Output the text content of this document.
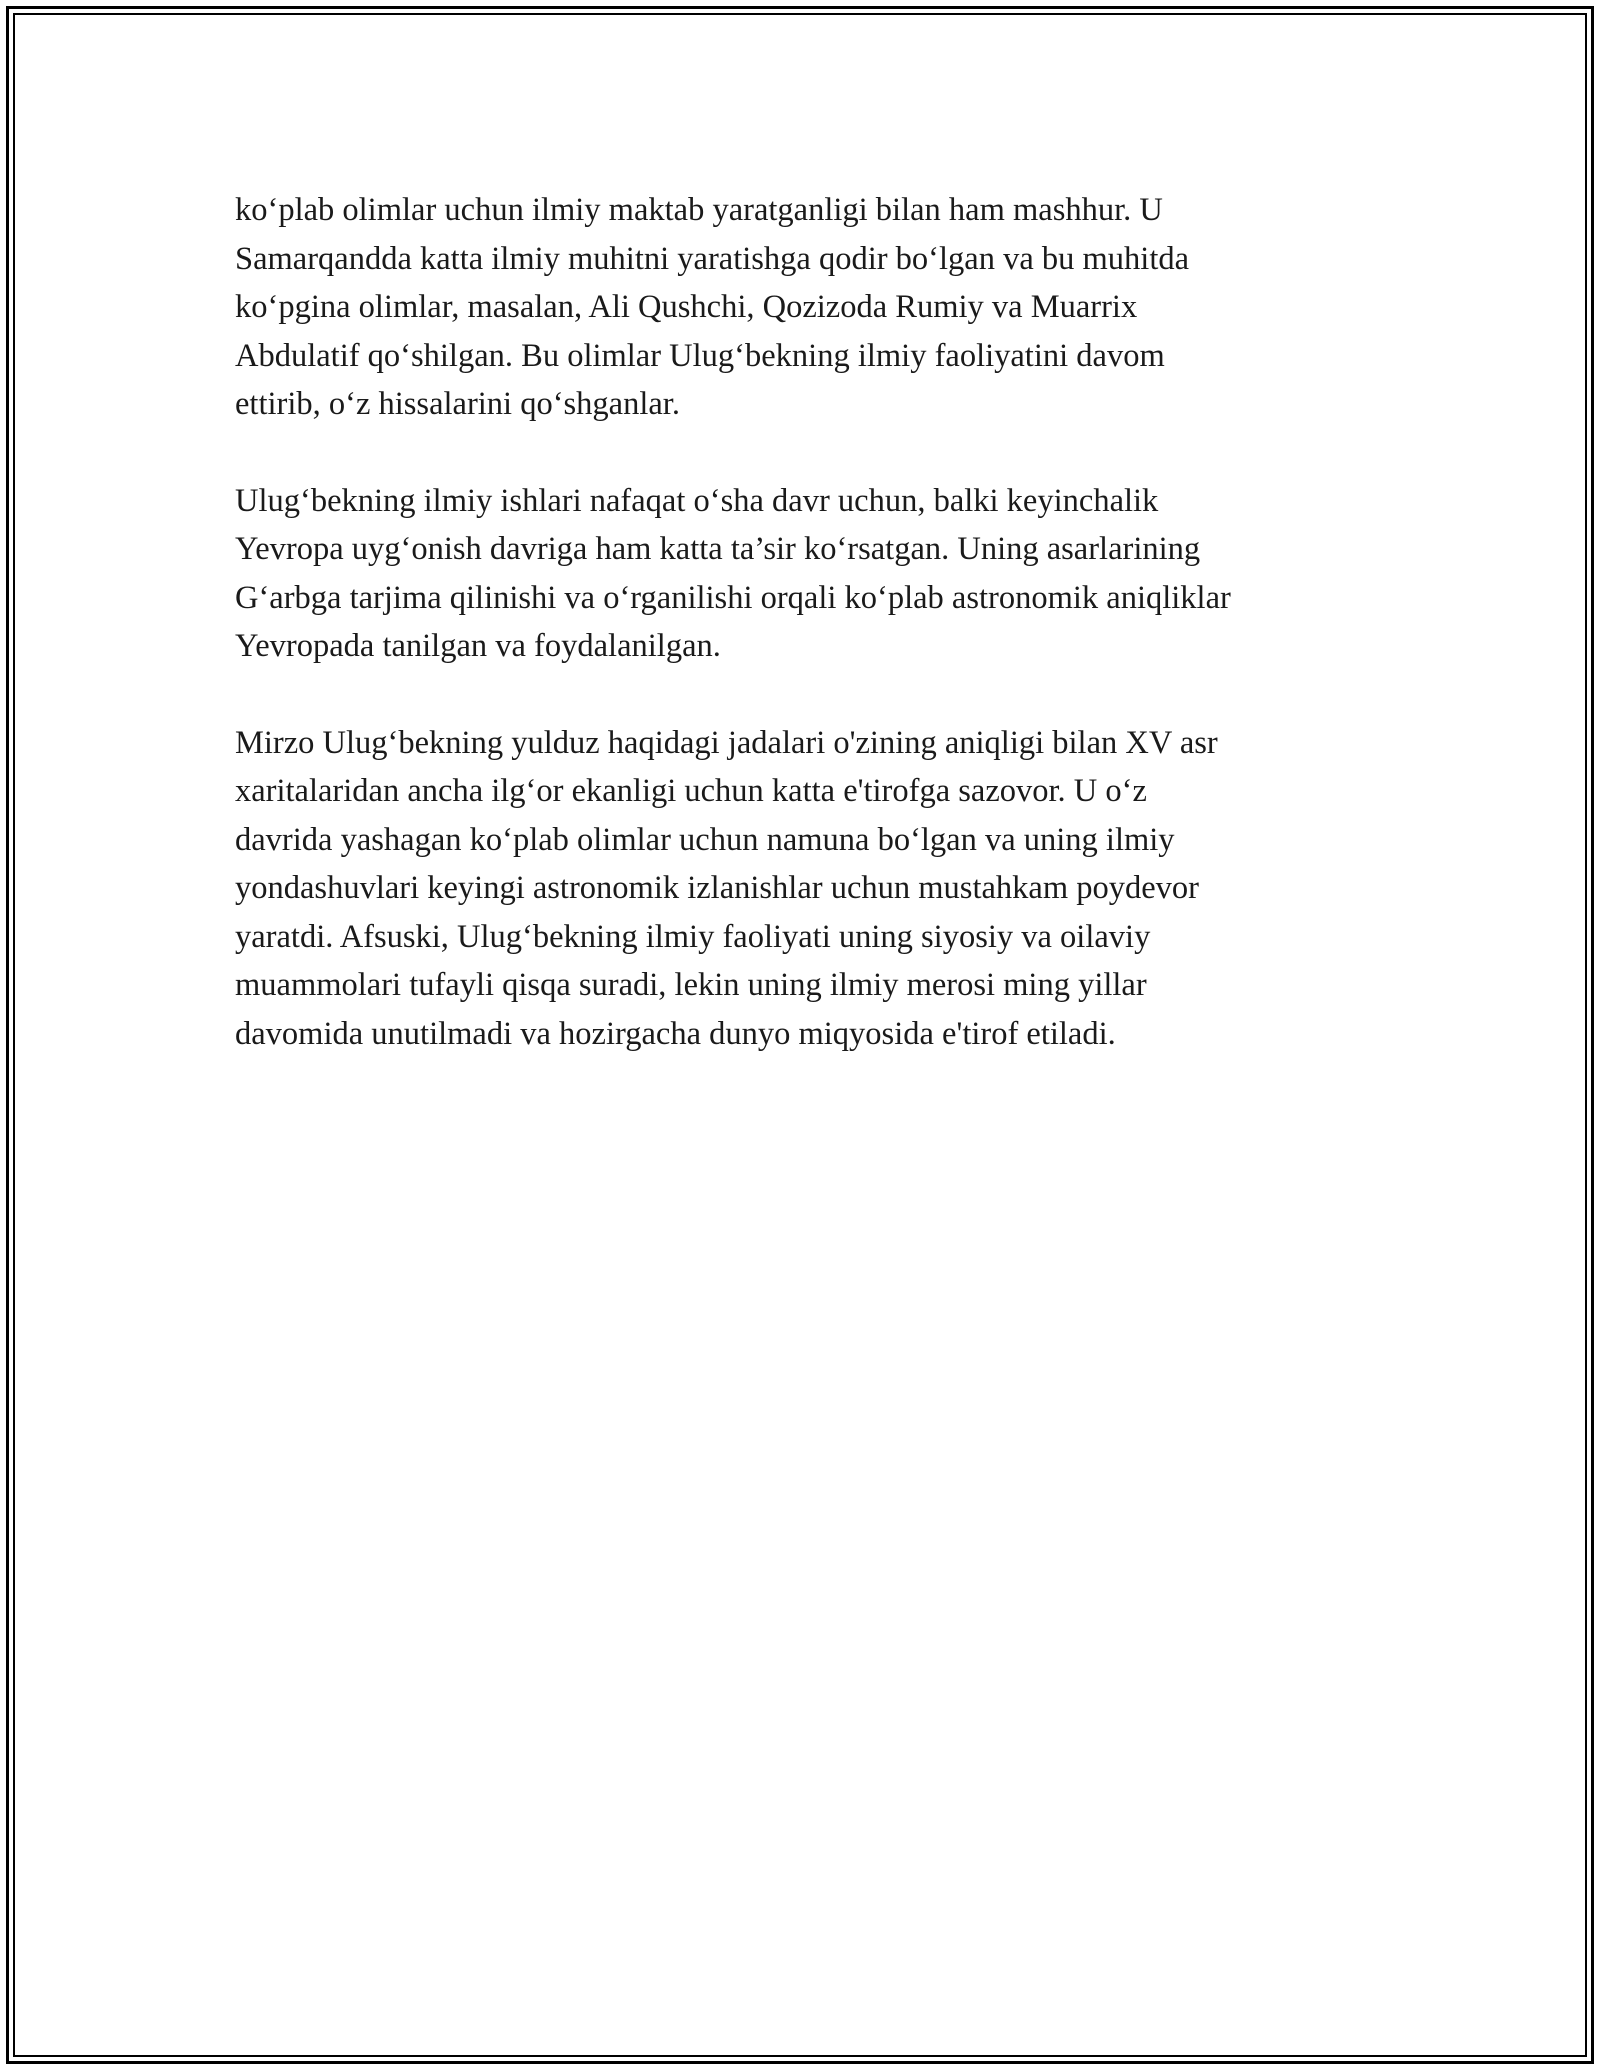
ko‘plab olimlar uchun ilmiy maktab yaratganligi bilan ham mashhur. U
Samarqandda katta ilmiy muhitni yaratishga qodir bo‘lgan va bu muhitda
ko‘pgina olimlar, masalan, Ali Qushchi, Qozizoda Rumiy va Muarrix
Abdulatif qo‘shilgan. Bu olimlar Ulug‘bekning ilmiy faoliyatini davom
ettirib, o‘z hissalarini qo‘shganlar.

Ulug‘bekning ilmiy ishlari nafaqat o‘sha davr uchun, balki keyinchalik
Yevropa uyg‘onish davriga ham katta ta’sir ko‘rsatgan. Uning asarlarining
G‘arbga tarjima qilinishi va o‘rganilishi orqali ko‘plab astronomik aniqliklar
Yevropada tanilgan va foydalanilgan.

Mirzo Ulug‘bekning yulduz haqidagi jadalari o'zining aniqligi bilan XV asr
xaritalaridan ancha ilg‘or ekanligi uchun katta e'tirofga sazovor. U o‘z
davrida yashagan ko‘plab olimlar uchun namuna bo‘lgan va uning ilmiy
yondashuvlari keyingi astronomik izlanishlar uchun mustahkam poydevor
yaratdi. Afsuski, Ulug‘bekning ilmiy faoliyati uning siyosiy va oilaviy
muammolari tufayli qisqa suradi, lekin uning ilmiy merosi ming yillar
davomida unutilmadi va hozirgacha dunyo miqyosida e'tirof etiladi.
